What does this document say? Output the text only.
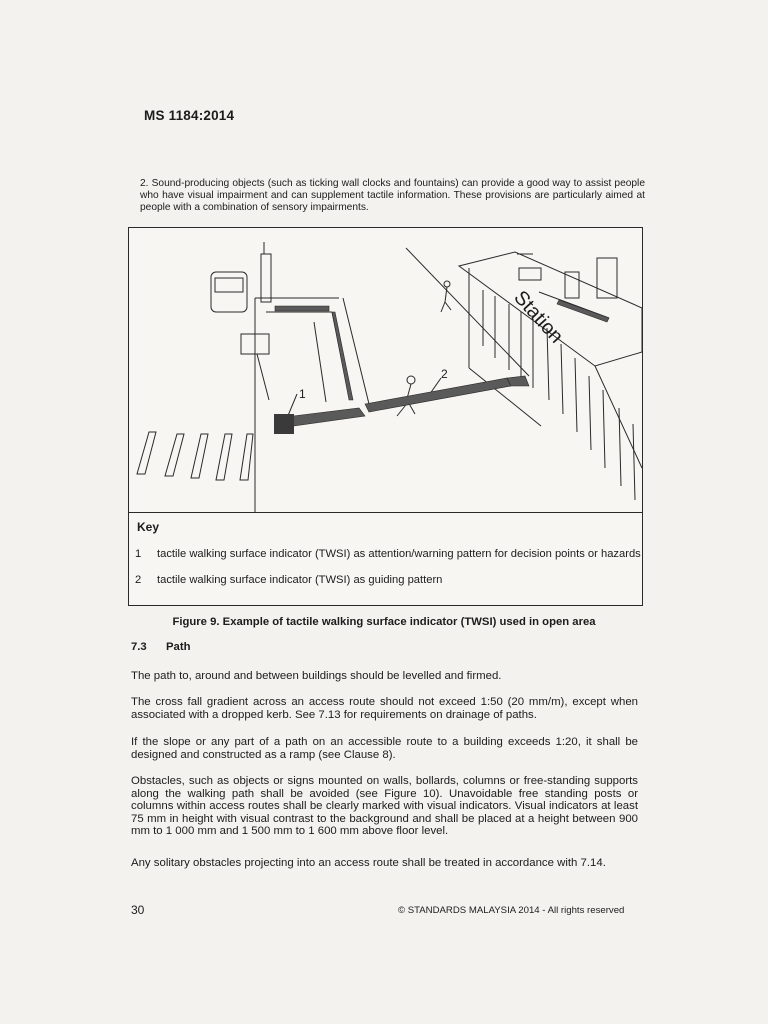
MS 1184:2014
2. Sound-producing objects (such as ticking wall clocks and fountains) can provide a good way to assist people who have visual impairment and can supplement tactile information. These provisions are particularly aimed at people with a combination of sensory impairments.
1
2
Station
Key
1	tactile walking surface indicator (TWSI) as attention/warning pattern for decision points or hazards
2	tactile walking surface indicator (TWSI) as guiding pattern
Figure 9. Example of tactile walking surface indicator (TWSI) used in open area
7.3 Path
The path to, around and between buildings should be levelled and firmed.
The cross fall gradient across an access route should not exceed 1:50 (20 mm/m), except when associated with a dropped kerb. See 7.13 for requirements on drainage of paths.
If the slope or any part of a path on an accessible route to a building exceeds 1:20, it shall be designed and constructed as a ramp (see Clause 8).
Obstacles, such as objects or signs mounted on walls, bollards, columns or free-standing supports along the walking path shall be avoided (see Figure 10). Unavoidable free standing posts or columns within access routes shall be clearly marked with visual indicators. Visual indicators at least 75 mm in height with visual contrast to the background and shall be placed at a height between 900 mm to 1 000 mm and 1 500 mm to 1 600 mm above floor level.
Any solitary obstacles projecting into an access route shall be treated in accordance with 7.14.
30	© STANDARDS MALAYSIA 2014 - All rights reserved
